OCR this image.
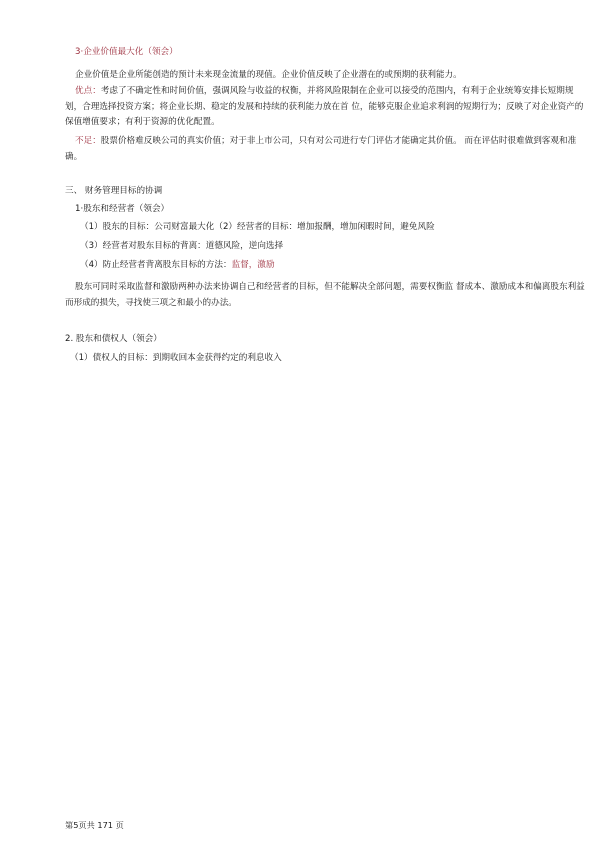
3·企业价值最大化（领会）
企业价值是企业所能创造的预计未来现金流量的现值。企业价值反映了企业潜在的或预期的获利能力。
优点：考虑了不确定性和时间价值，强调风险与收益的权衡，并将风险限制在企业可以接受的范围内，有利于企业统筹安排长短期规划，合理选择投资方案；将企业长期、稳定的发展和持续的获利能力放在首 位，能够克服企业追求利润的短期行为；反映了对企业资产的保值增值要求；有利于资源的优化配置。
不足：股票价格难反映公司的真实价值；对于非上市公司，只有对公司进行专门评估才能确定其价值。 而在评估时很难做到客观和准确。
三、 财务管理目标的协调
1·股东和经营者（领会）
（1）股东的目标：公司财富最大化（2）经营者的目标：增加报酬，增加闲暇时间，避免风险
（3）经营者对股东目标的背离：道德风险，逆向选择
（4）防止经营者背离股东目标的方法：监督，激励
股东可同时采取监督和激励两种办法来协调自己和经营者的目标，但不能解决全部问题，需要权衡监 督成本、激励成本和偏离股东利益而形成的损失，寻找使三项之和最小的办法。
2. 股东和债权人（领会）
（1）债权人的目标：到期收回本金获得约定的利息收入
第5页共 171 页
